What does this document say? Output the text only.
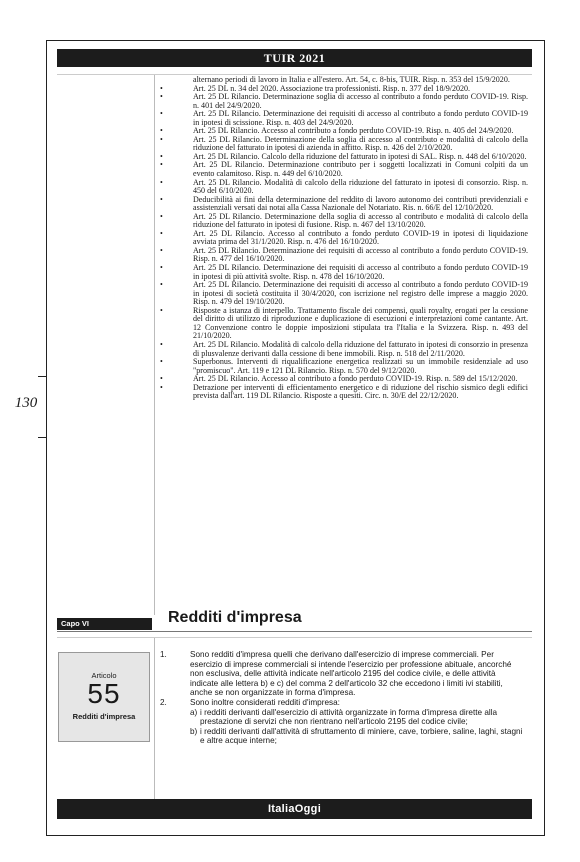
TUIR 2021
130

alternano periodi di lavoro in Italia e all'estero. Art. 54, c. 8-bis, TUIR. Risp. n. 353 del 15/9/2020.

•	Art. 25 DL n. 34 del 2020. Associazione tra professionisti. Risp. n. 377 del 18/9/2020.
•	Art. 25 DL Rilancio. Determinazione soglia di accesso al contributo a fondo perduto COVID-19. Risp. n. 401 del 24/9/2020.
•	Art. 25 DL Rilancio. Determinazione dei requisiti di accesso al contributo a fondo perduto COVID-19 in ipotesi di scissione. Risp. n. 403 del 24/9/2020.
•	Art. 25 DL Rilancio. Accesso al contributo a fondo perduto COVID-19. Risp. n. 405 del 24/9/2020.
•	Art. 25 DL Rilancio. Determinazione della soglia di accesso al contributo e modalità di calcolo della riduzione del fatturato in ipotesi di azienda in affitto. Risp. n. 426 del 2/10/2020.
•	Art. 25 DL Rilancio. Calcolo della riduzione del fatturato in ipotesi di SAL. Risp. n. 448 del 6/10/2020.
•	Art. 25 DL Rilancio. Determinazione contributo per i soggetti localizzati in Comuni colpiti da un evento calamitoso. Risp. n. 449 del 6/10/2020.
•	Art. 25 DL Rilancio. Modalità di calcolo della riduzione del fatturato in ipotesi di consorzio. Risp. n. 450 del 6/10/2020.
•	Deducibilità ai fini della determinazione del reddito di lavoro autonomo dei contributi previdenziali e assistenziali versati dai notai alla Cassa Nazionale del Notariato. Ris. n. 66/E del 12/10/2020.
•	Art. 25 DL Rilancio. Determinazione della soglia di accesso al contributo e modalità di calcolo della riduzione del fatturato in ipotesi di fusione. Risp. n. 467 del 13/10/2020.
•	Art. 25 DL Rilancio. Accesso al contributo a fondo perduto COVID-19 in ipotesi di liquidazione avviata prima del 31/1/2020. Risp. n. 476 del 16/10/2020.
•	Art. 25 DL Rilancio. Determinazione dei requisiti di accesso al contributo a fondo perduto COVID-19. Risp. n. 477 del 16/10/2020.
•	Art. 25 DL Rilancio. Determinazione dei requisiti di accesso al contributo a fondo perduto COVID-19 in ipotesi di più attività svolte. Risp. n. 478 del 16/10/2020.
•	Art. 25 DL Rilancio. Determinazione dei requisiti di accesso al contributo a fondo perduto COVID-19 in ipotesi di società costituita il 30/4/2020, con iscrizione nel registro delle imprese a maggio 2020. Risp. n. 479 del 19/10/2020.
•	Risposte a istanza di interpello. Trattamento fiscale dei compensi, quali royalty, erogati per la cessione del diritto di utilizzo di riproduzione e duplicazione di esecuzioni e interpretazioni come cantante. Art. 12 Convenzione contro le doppie imposizioni stipulata tra l'Italia e la Svizzera. Risp. n. 493 del 21/10/2020.
•	Art. 25 DL Rilancio. Modalità di calcolo della riduzione del fatturato in ipotesi di consorzio in presenza di plusvalenze derivanti dalla cessione di bene immobili. Risp. n. 518 del 2/11/2020.
•	Superbonus. Interventi di riqualificazione energetica realizzati su un immobile residenziale ad uso "promiscuo". Art. 119 e 121 DL Rilancio. Risp. n. 570 del 9/12/2020.
•	Art. 25 DL Rilancio. Accesso al contributo a fondo perduto COVID-19. Risp. n. 589 del 15/12/2020.
•	Detrazione per interventi di efficientamento energetico e di riduzione del rischio sismico degli edifici prevista dall'art. 119 DL Rilancio. Risposte a quesiti. Circ. n. 30/E del 22/12/2020.
Capo VI	Redditi d'impresa
Articolo
55
Redditi d'impresa
1.	Sono redditi d'impresa quelli che derivano dall'esercizio di imprese commerciali. Per esercizio di imprese commerciali si intende l'esercizio per professione abituale, ancorché non esclusiva, delle attività indicate nell'articolo 2195 del codice civile, e delle attività indicate alle lettera b) e c) del comma 2 dell'articolo 32 che eccedono i limiti ivi stabiliti, anche se non organizzate in forma d'impresa.
2.	Sono inoltre considerati redditi d'impresa:
a) i redditi derivanti dall'esercizio di attività organizzate in forma d'impresa dirette alla prestazione di servizi che non rientrano nell'articolo 2195 del codice civile;
b) i redditi derivanti dall'attività di sfruttamento di miniere, cave, torbiere, saline, laghi, stagni e altre acque interne;
ItaliaOggi
